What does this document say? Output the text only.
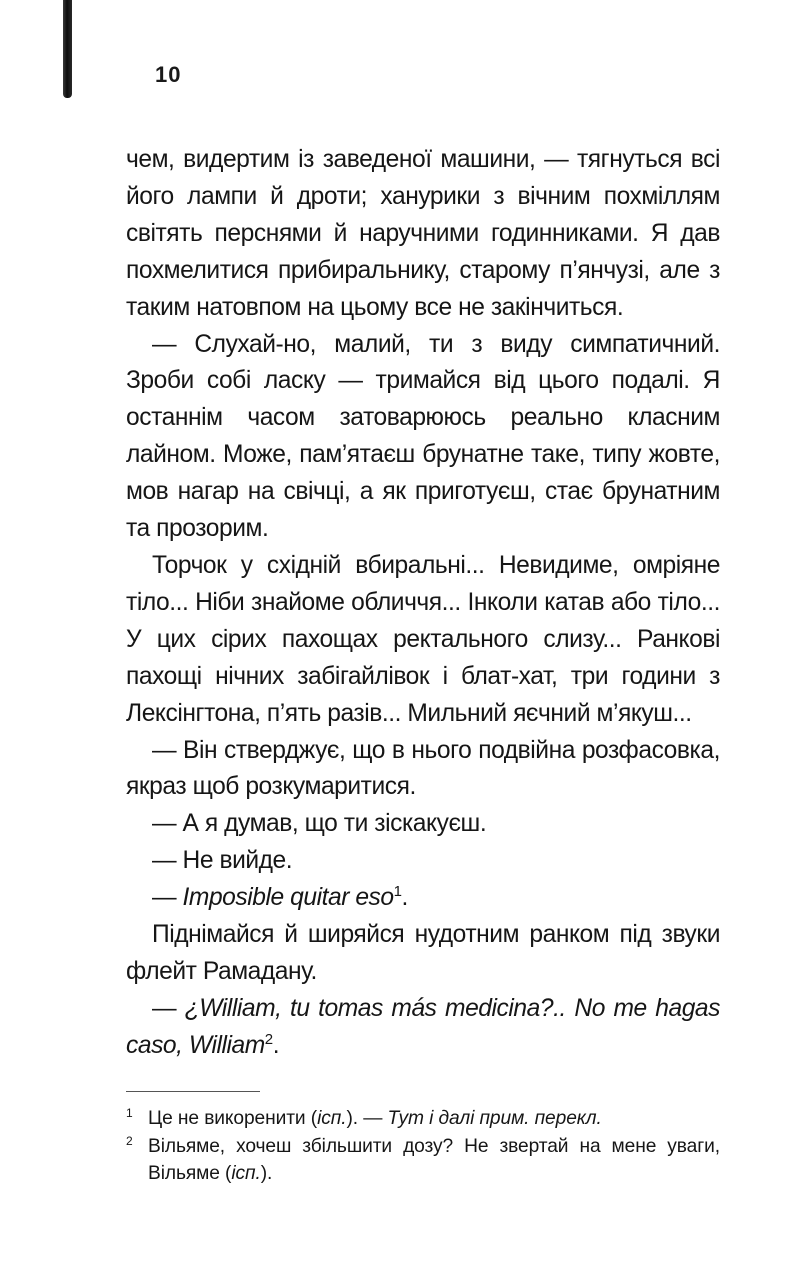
10

чем, видертим із заведеної машини, — тягнуться всі його лампи й дроти; ханурики з вічним похміллям світять перснями й наручними годинниками. Я дав похмелитися прибиральнику, старому п’янчузі, але з таким натовпом на цьому все не закінчиться.

— Слухай-но, малий, ти з виду симпатичний. Зроби собі ласку — тримайся від цього подалі. Я останнім часом затоварююсь реально класним лайном. Може, пам’ятаєш брунатне таке, типу жовте, мов нагар на свічці, а як приготуєш, стає брунатним та прозорим.

Торчок у східній вбиральні... Невидиме, омріяне тіло... Ніби знайоме обличчя... Інколи катав або тіло... У цих сірих пахощах ректального слизу... Ранкові пахощі нічних забігайлівок і блат-хат, три години з Лексінгтона, п’ять разів... Мильний яєчний м’якуш...

— Він стверджує, що в нього подвійна розфасовка, якраз щоб розкумаритися.

— А я думав, що ти зіскакуєш.

— Не вийде.

— Imposible quitar eso$^1$.

Піднімайся й ширяйся нудотним ранком під звуки флейт Рамадану.

— ¿William, tu tomas más medicina?.. No me hagas caso, William$^2$.

1 Це не викоренити (icп.). — Тут і далі прим. перекл.
2 Вільяме, хочеш збільшити дозу? Не звертай на мене уваги, Вільяме (icп.).
